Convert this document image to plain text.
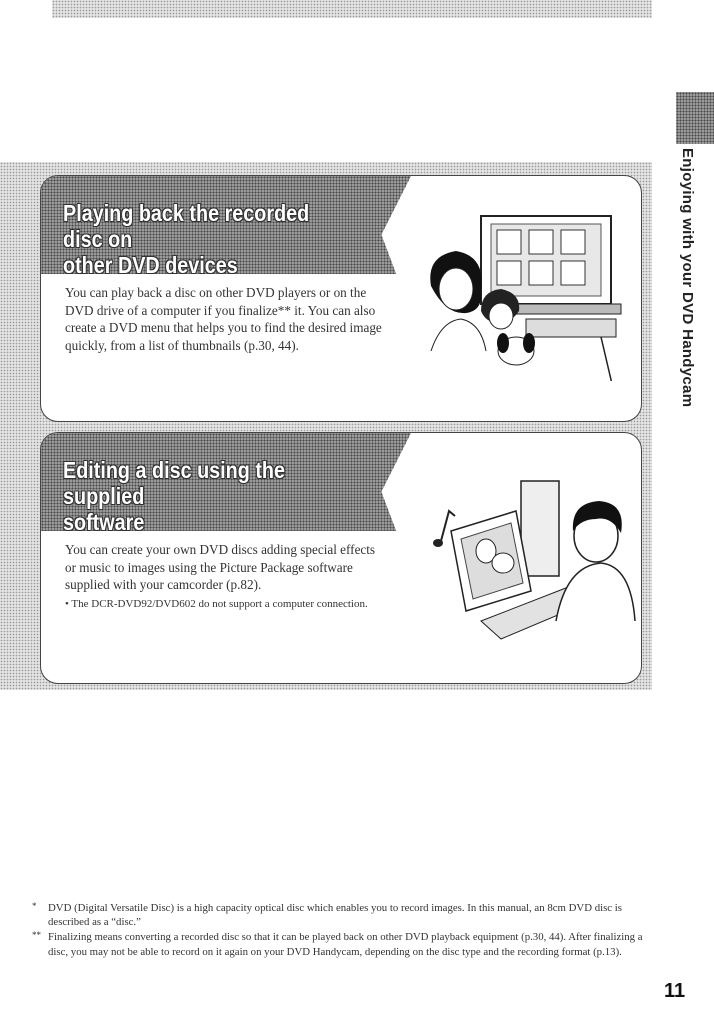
Enjoying with your DVD Handycam
Playing back the recorded disc on
other DVD devices

You can play back a disc on other DVD players or on the DVD drive of a computer if you finalize** it. You can also create a DVD menu that helps you to find the desired image quickly, from a list of thumbnails (p.30, 44).

Editing a disc using the supplied
software

You can create your own DVD discs adding special effects or music to images using the Picture Package software supplied with your camcorder (p.82).

• The DCR-DVD92/DVD602 do not support a computer connection.

* DVD (Digital Versatile Disc) is a high capacity optical disc which enables you to record images. In this manual, an 8cm DVD disc is described as a “disc.”

** Finalizing means converting a recorded disc so that it can be played back on other DVD playback equipment (p.30, 44). After finalizing a disc, you may not be able to record on it again on your DVD Handycam, depending on the disc type and the recording format (p.13).

11
